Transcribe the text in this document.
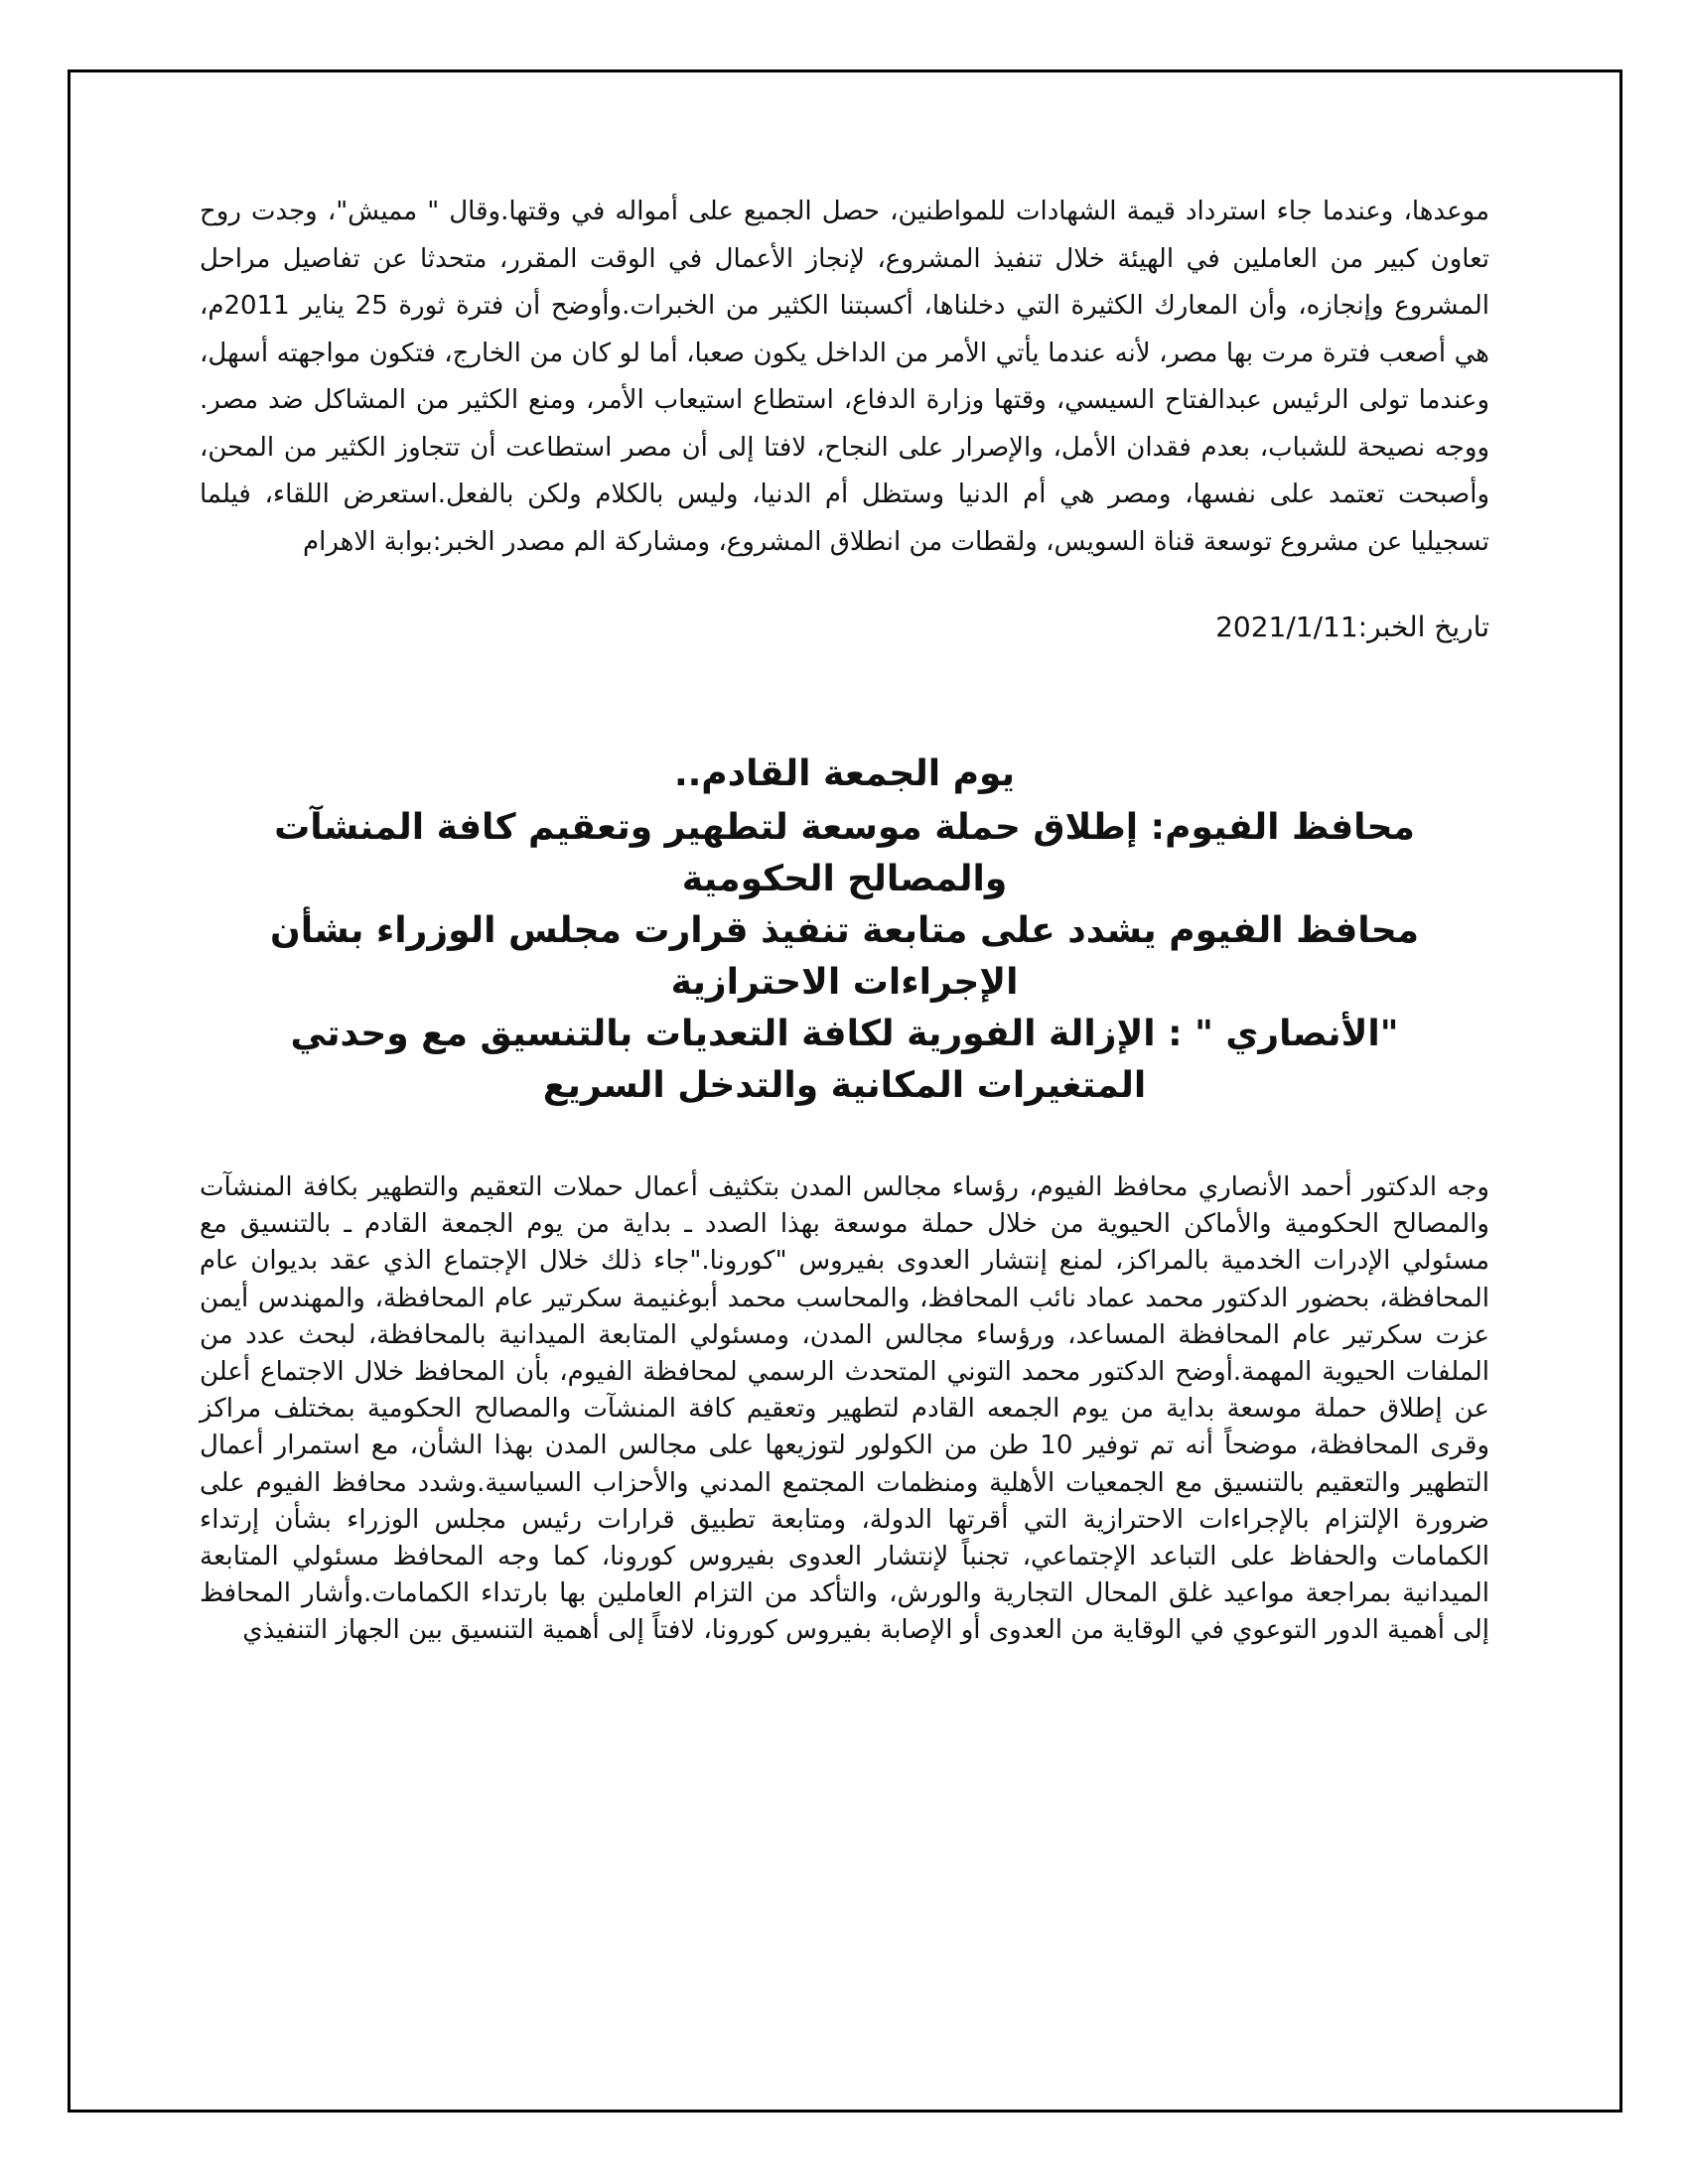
موعدها، وعندما جاء استرداد قيمة الشهادات للمواطنين، حصل الجميع على أمواله في وقتها.وقال " مميش"، وجدت روح تعاون كبير من العاملين في الهيئة خلال تنفيذ المشروع، لإنجاز الأعمال في الوقت المقرر، متحدثا عن تفاصيل مراحل المشروع وإنجازه، وأن المعارك الكثيرة التي دخلناها، أكسبتنا الكثير من الخبرات.وأوضح أن فترة ثورة 25 يناير 2011م، هي أصعب فترة مرت بها مصر، لأنه عندما يأتي الأمر من الداخل يكون صعبا، أما لو كان من الخارج، فتكون مواجهته أسهل، وعندما تولى الرئيس عبدالفتاح السيسي، وقتها وزارة الدفاع، استطاع استيعاب الأمر، ومنع الكثير من المشاكل ضد مصر. ووجه نصيحة للشباب، بعدم فقدان الأمل، والإصرار على النجاح، لافتا إلى أن مصر استطاعت أن تتجاوز الكثير من المحن، وأصبحت تعتمد على نفسها، ومصر هي أم الدنيا وستظل أم الدنيا، وليس بالكلام ولكن بالفعل.استعرض اللقاء، فيلما تسجيليا عن مشروع توسعة قناة السويس، ولقطات من انطلاق المشروع، ومشاركة الم مصدر الخبر:بوابة الاهرام

تاريخ الخبر:2021/1/11

يوم الجمعة القادم..

محافظ الفيوم: إطلاق حملة موسعة لتطهير وتعقيم كافة المنشآت والمصالح الحكومية

محافظ الفيوم يشدد على متابعة تنفيذ قرارت مجلس الوزراء بشأن الإجراءات الاحترازية

"الأنصاري " : الإزالة الفورية لكافة التعديات بالتنسيق مع وحدتي المتغيرات المكانية والتدخل السريع

وجه الدكتور أحمد الأنصاري محافظ الفيوم، رؤساء مجالس المدن بتكثيف أعمال حملات التعقيم والتطهير بكافة المنشآت والمصالح الحكومية والأماكن الحيوية من خلال حملة موسعة بهذا الصدد ـ بداية من يوم الجمعة القادم ـ بالتنسيق مع مسئولي الإدرات الخدمية بالمراكز، لمنع إنتشار العدوى بفيروس "كورونا."جاء ذلك خلال الإجتماع الذي عقد بديوان عام المحافظة، بحضور الدكتور محمد عماد نائب المحافظ، والمحاسب محمد أبوغنيمة سكرتير عام المحافظة، والمهندس أيمن عزت سكرتير عام المحافظة المساعد، ورؤساء مجالس المدن، ومسئولي المتابعة الميدانية بالمحافظة، لبحث عدد من الملفات الحيوية المهمة.أوضح الدكتور محمد التوني المتحدث الرسمي لمحافظة الفيوم، بأن المحافظ خلال الاجتماع أعلن عن إطلاق حملة موسعة بداية من يوم الجمعه القادم لتطهير وتعقيم كافة المنشآت والمصالح الحكومية بمختلف مراكز وقرى المحافظة، موضحاً أنه تم توفير 10 طن من الكولور لتوزيعها على مجالس المدن بهذا الشأن، مع استمرار أعمال التطهير والتعقيم بالتنسيق مع الجمعيات الأهلية ومنظمات المجتمع المدني والأحزاب السياسية.وشدد محافظ الفيوم على ضرورة الإلتزام بالإجراءات الاحترازية التي أقرتها الدولة، ومتابعة تطبيق قرارات رئيس مجلس الوزراء بشأن إرتداء الكمامات والحفاظ على التباعد الإجتماعي، تجنباً لإنتشار العدوى بفيروس كورونا، كما وجه المحافظ مسئولي المتابعة الميدانية بمراجعة مواعيد غلق المحال التجارية والورش، والتأكد من التزام العاملين بها بارتداء الكمامات.وأشار المحافظ إلى أهمية الدور التوعوي في الوقاية من العدوى أو الإصابة بفيروس كورونا، لافتاً إلى أهمية التنسيق بين الجهاز التنفيذي
